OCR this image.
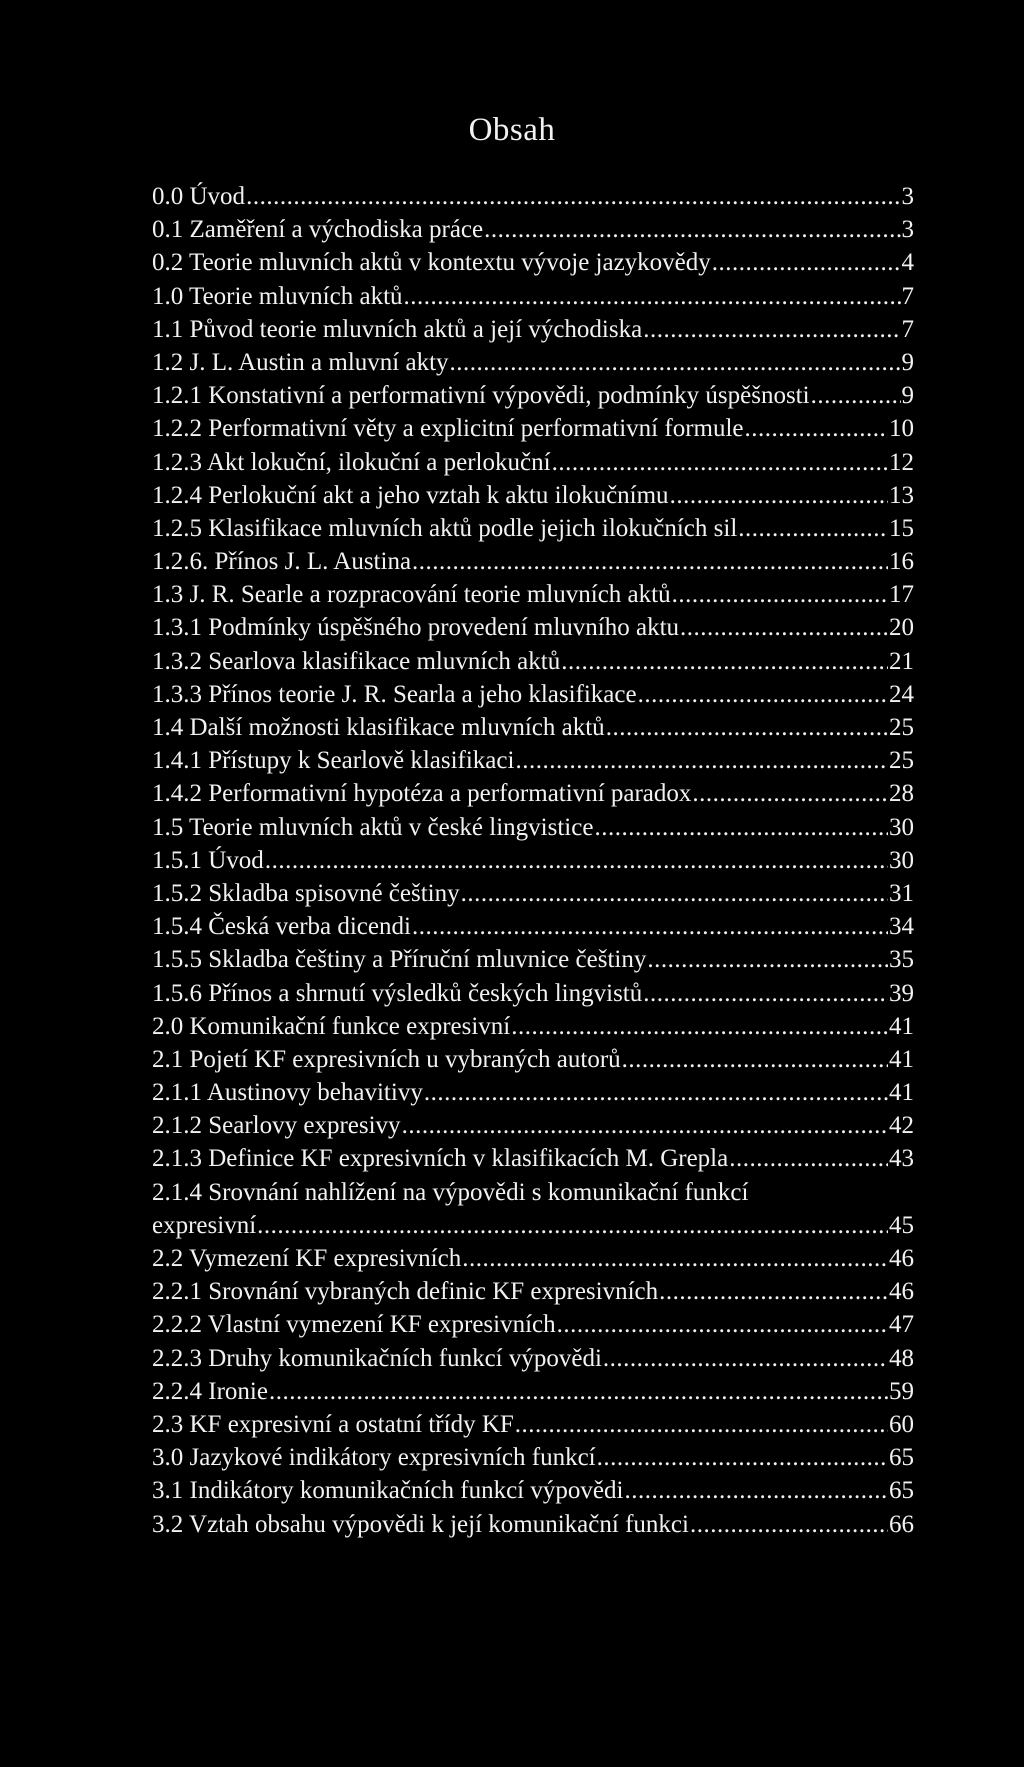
Obsah
0.0 Úvod .....	3
0.1 Zaměření a východiska práce .....	3
0.2 Teorie mluvních aktů v kontextu vývoje jazykovědy .....	4
1.0 Teorie mluvních aktů .....	7
1.1 Původ teorie mluvních aktů a její východiska .....	7
1.2 J. L. Austin a mluvní akty .....	9
1.2.1 Konstativní a performativní výpovědi, podmínky úspěšnosti .....	9
1.2.2 Performativní věty a explicitní performativní formule .....	10
1.2.3 Akt lokuční, ilokuční a perlokuční .....	12
1.2.4 Perlokuční akt a jeho vztah k aktu ilokučnímu .....	13
1.2.5 Klasifikace mluvních aktů podle jejich ilokučních sil .....	15
1.2.6. Přínos J. L. Austina .....	16
1.3 J. R. Searle a rozpracování teorie mluvních aktů .....	17
1.3.1 Podmínky úspěšného provedení mluvního aktu .....	20
1.3.2 Searlova klasifikace mluvních aktů .....	21
1.3.3 Přínos teorie J. R. Searla a jeho klasifikace .....	24
1.4 Další možnosti klasifikace mluvních aktů .....	25
1.4.1 Přístupy k Searlově klasifikaci .....	25
1.4.2 Performativní hypotéza a performativní paradox .....	28
1.5 Teorie mluvních aktů v české lingvistice .....	30
1.5.1 Úvod .....	30
1.5.2 Skladba spisovné češtiny .....	31
1.5.4 Česká verba dicendi .....	34
1.5.5 Skladba češtiny a Příruční mluvnice češtiny .....	35
1.5.6 Přínos a shrnutí výsledků českých lingvistů .....	39
2.0 Komunikační funkce expresivní .....	41
2.1 Pojetí KF expresivních u vybraných autorů .....	41
2.1.1 Austinovy behavitivy .....	41
2.1.2 Searlovy expresivy .....	42
2.1.3 Definice KF expresivních v klasifikacích M. Grepla .....	43
2.1.4 Srovnání nahlížení na výpovědi s komunikační funkcí
expresivní .....	45
2.2 Vymezení KF expresivních .....	46
2.2.1 Srovnání vybraných definic KF expresivních .....	46
2.2.2 Vlastní vymezení KF expresivních .....	47
2.2.3 Druhy komunikačních funkcí výpovědi .....	48
2.2.4 Ironie .....	59
2.3 KF expresivní a ostatní třídy KF .....	60
3.0 Jazykové indikátory expresivních funkcí .....	65
3.1 Indikátory komunikačních funkcí výpovědi .....	65
3.2 Vztah obsahu výpovědi k její komunikační funkci .....	66
